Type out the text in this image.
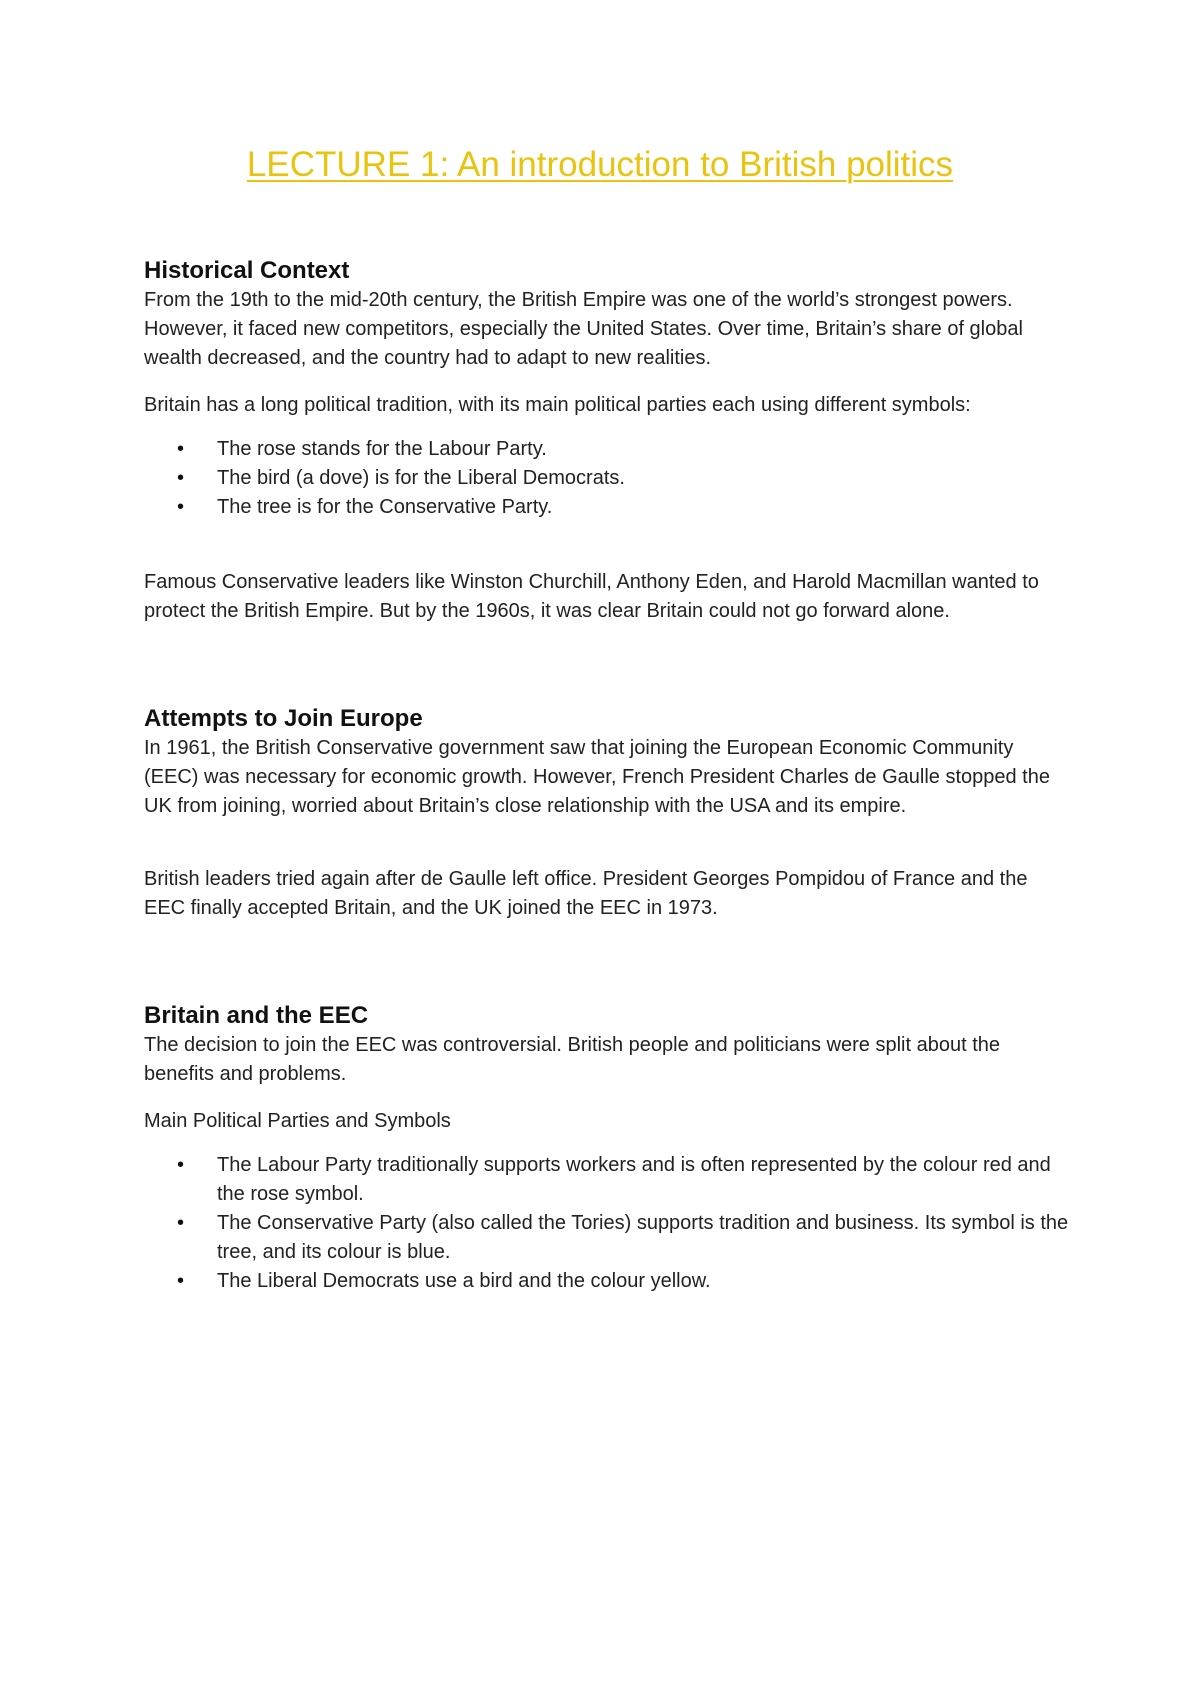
LECTURE 1: An introduction to British politics
Historical Context

From the 19th to the mid-20th century, the British Empire was one of the world’s strongest powers. However, it faced new competitors, especially the United States. Over time, Britain’s share of global wealth decreased, and the country had to adapt to new realities.

Britain has a long political tradition, with its main political parties each using different symbols:

• The rose stands for the Labour Party.
• The bird (a dove) is for the Liberal Democrats.
• The tree is for the Conservative Party.

Famous Conservative leaders like Winston Churchill, Anthony Eden, and Harold Macmillan wanted to protect the British Empire. But by the 1960s, it was clear Britain could not go forward alone.

Attempts to Join Europe

In 1961, the British Conservative government saw that joining the European Economic Community (EEC) was necessary for economic growth. However, French President Charles de Gaulle stopped the UK from joining, worried about Britain’s close relationship with the USA and its empire.

British leaders tried again after de Gaulle left office. President Georges Pompidou of France and the EEC finally accepted Britain, and the UK joined the EEC in 1973.

Britain and the EEC

The decision to join the EEC was controversial. British people and politicians were split about the benefits and problems.

Main Political Parties and Symbols

• The Labour Party traditionally supports workers and is often represented by the colour red and the rose symbol.
• The Conservative Party (also called the Tories) supports tradition and business. Its symbol is the tree, and its colour is blue.
• The Liberal Democrats use a bird and the colour yellow.
